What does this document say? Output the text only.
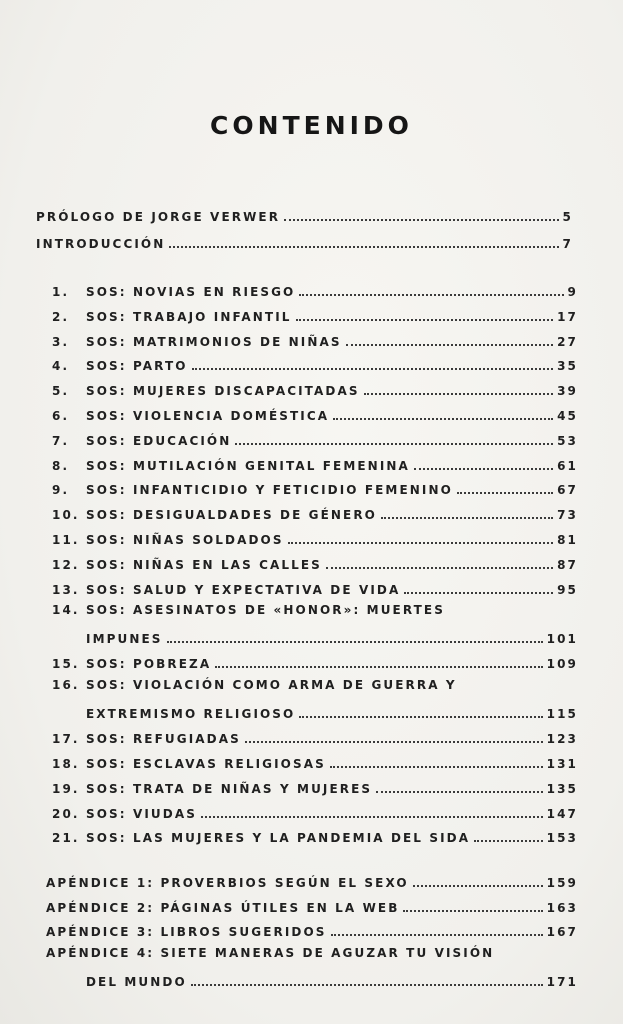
CONTENIDO
PRÓLOGO DE JORGE VERWER	5
INTRODUCCIÓN	7
1.	SOS: NOVIAS EN RIESGO	9
2.	SOS: TRABAJO INFANTIL	17
3.	SOS: MATRIMONIOS DE NIÑAS	27
4.	SOS: PARTO	35
5.	SOS: MUJERES DISCAPACITADAS	39
6.	SOS: VIOLENCIA DOMÉSTICA	45
7.	SOS: EDUCACIÓN	53
8.	SOS: MUTILACIÓN GENITAL FEMENINA	61
9.	SOS: INFANTICIDIO Y FETICIDIO FEMENINO	67
10. SOS: DESIGUALDADES DE GÉNERO	73
11. SOS: NIÑAS SOLDADOS	81
12. SOS: NIÑAS EN LAS CALLES	87
13. SOS: SALUD Y EXPECTATIVA DE VIDA	95
14. SOS: ASESINATOS DE «HONOR»: MUERTES
IMPUNES	101
15. SOS: POBREZA	109
16. SOS: VIOLACIÓN COMO ARMA DE GUERRA Y
EXTREMISMO RELIGIOSO	115
17. SOS: REFUGIADAS	123
18. SOS: ESCLAVAS RELIGIOSAS	131
19. SOS: TRATA DE NIÑAS Y MUJERES	135
20. SOS: VIUDAS	147
21. SOS: LAS MUJERES Y LA PANDEMIA DEL SIDA	153
APÉNDICE 1: PROVERBIOS SEGÚN EL SEXO	159
APÉNDICE 2: PÁGINAS ÚTILES EN LA WEB	163
APÉNDICE 3: LIBROS SUGERIDOS	167
APÉNDICE 4: SIETE MANERAS DE AGUZAR TU VISIÓN
DEL MUNDO	171
